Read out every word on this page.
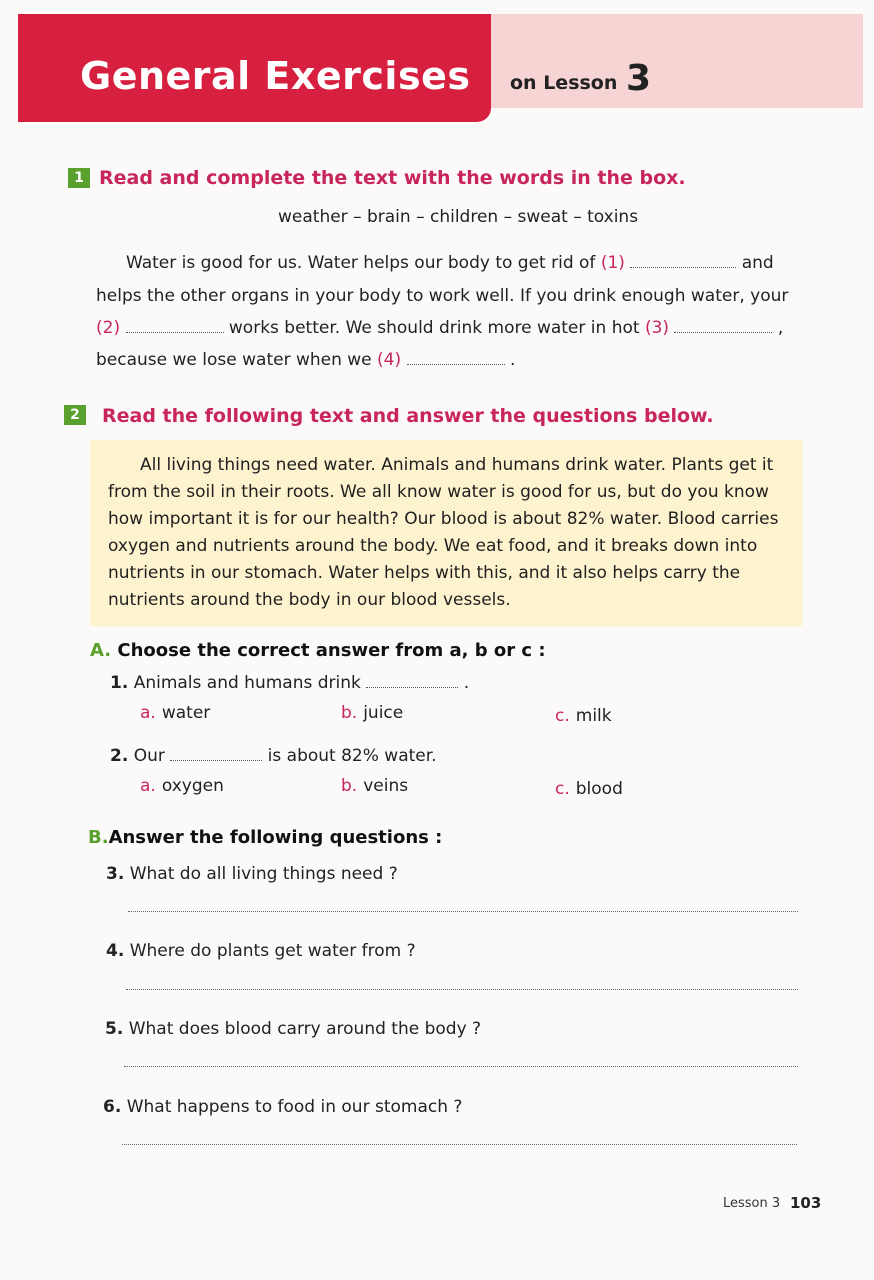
General Exercises on Lesson 3
1 Read and complete the text with the words in the box.
weather – brain – children – sweat – toxins
Water is good for us. Water helps our body to get rid of (1)	and
helps the other organs in your body to work well. If you drink enough water, your
(2)	works better. We should drink more water in hot (3)	,
because we lose water when we (4)	.
2	Read the following text and answer the questions below.
All living things need water. Animals and humans drink water. Plants get it
from the soil in their roots. We all know water is good for us, but do you know
how important it is for our health? Our blood is about 82% water. Blood carries
oxygen and nutrients around the body. We eat food, and it breaks down into
nutrients in our stomach. Water helps with this, and it also helps carry the
nutrients around the body in our blood vessels.
A. Choose the correct answer from a, b or c :
1. Animals and humans drink	.
a. water	b. juice	c. milk
2. Our	is about 82% water.
a. oxygen	b. veins	c. blood
B.Answer the following questions :
3. What do all living things need ?
4. Where do plants get water from ?
5. What does blood carry around the body ?
6. What happens to food in our stomach ?
Lesson 3 103
